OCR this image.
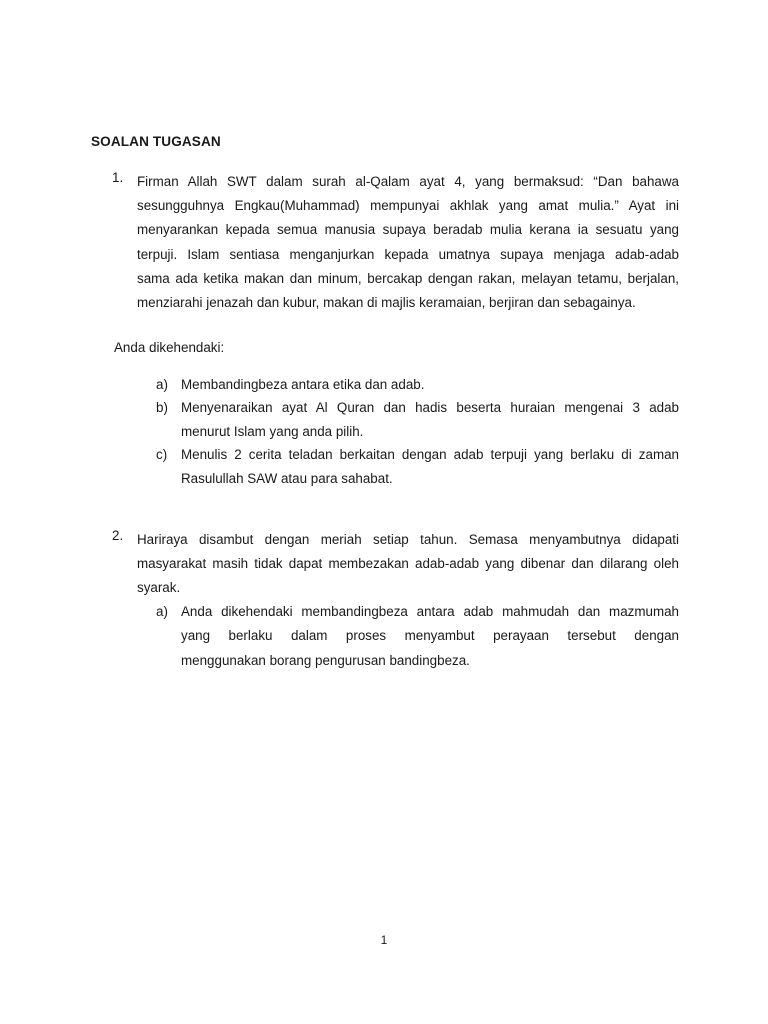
SOALAN TUGASAN
1.	Firman Allah SWT dalam surah al-Qalam ayat 4, yang bermaksud: “Dan bahawa
sesungguhnya Engkau(Muhammad) mempunyai akhlak yang amat mulia.” Ayat ini
menyarankan kepada semua manusia supaya beradab mulia kerana ia sesuatu yang
terpuji. Islam sentiasa menganjurkan kepada umatnya supaya menjaga adab-adab
sama ada ketika makan dan minum, bercakap dengan rakan, melayan tetamu, berjalan,
menziarahi jenazah dan kubur, makan di majlis keramaian, berjiran dan sebagainya.
Anda dikehendaki:
a) Membandingbeza antara etika dan adab.
b) Menyenaraikan ayat Al Quran dan hadis beserta huraian mengenai 3 adab
menurut Islam yang anda pilih.
c) Menulis 2 cerita teladan berkaitan dengan adab terpuji yang berlaku di zaman
Rasulullah SAW atau para sahabat.
2.	Hariraya disambut dengan meriah setiap tahun. Semasa menyambutnya didapati
masyarakat masih tidak dapat membezakan adab-adab yang dibenar dan dilarang oleh
syarak.
a) Anda dikehendaki membandingbeza antara adab mahmudah dan mazmumah
yang berlaku dalam proses menyambut perayaan tersebut dengan
menggunakan borang pengurusan bandingbeza.
1
